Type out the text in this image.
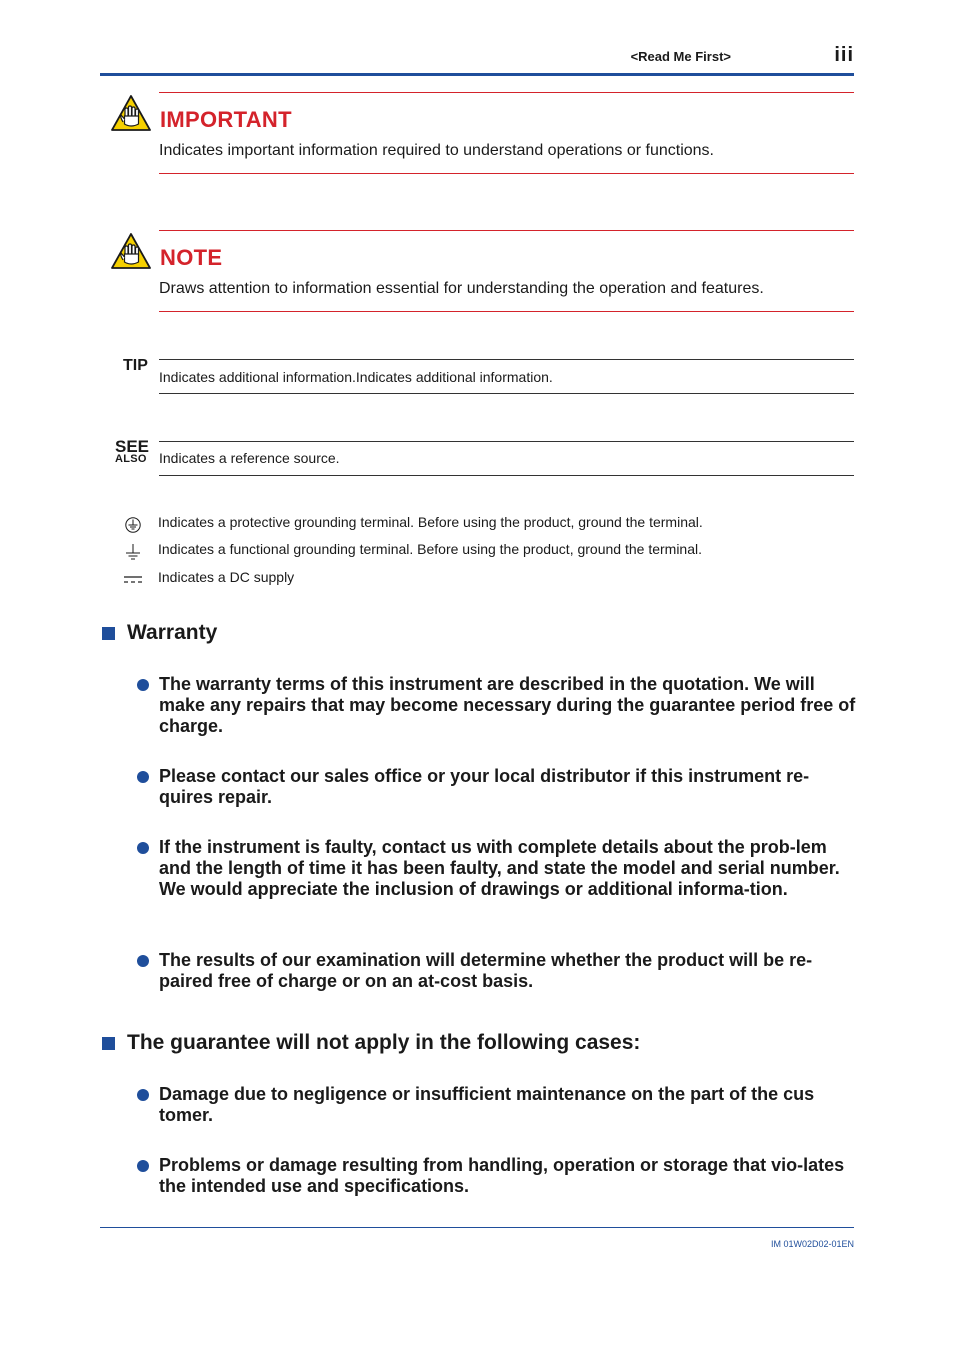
<Read Me First>	iii
IMPORTANT
Indicates important information required to understand operations or functions.
NOTE
Draws attention to information essential for understanding the operation and features.
TIP
Indicates additional information.Indicates additional information.
SEE
ALSO Indicates a reference source.
Indicates a protective grounding terminal. Before using the product, ground the terminal.
Indicates a functional grounding terminal. Before using the product, ground the terminal.
Indicates a DC supply
Warranty
The warranty terms of this instrument are described in the quotation. We will make any repairs that may become necessary during the guarantee period free of charge.
Please contact our sales office or your local distributor if this instrument re-quires repair.
If the instrument is faulty, contact us with complete details about the prob-lem and the length of time it has been faulty, and state the model and serial number. We would appreciate the inclusion of drawings or additional informa-tion.
The results of our examination will determine whether the product will be re-paired free of charge or on an at-cost basis.
The guarantee will not apply in the following cases:
Damage due to negligence or insufficient maintenance on the part of the cus tomer.
Problems or damage resulting from handling, operation or storage that vio-lates the intended use and specifications.
IM 01W02D02-01EN
